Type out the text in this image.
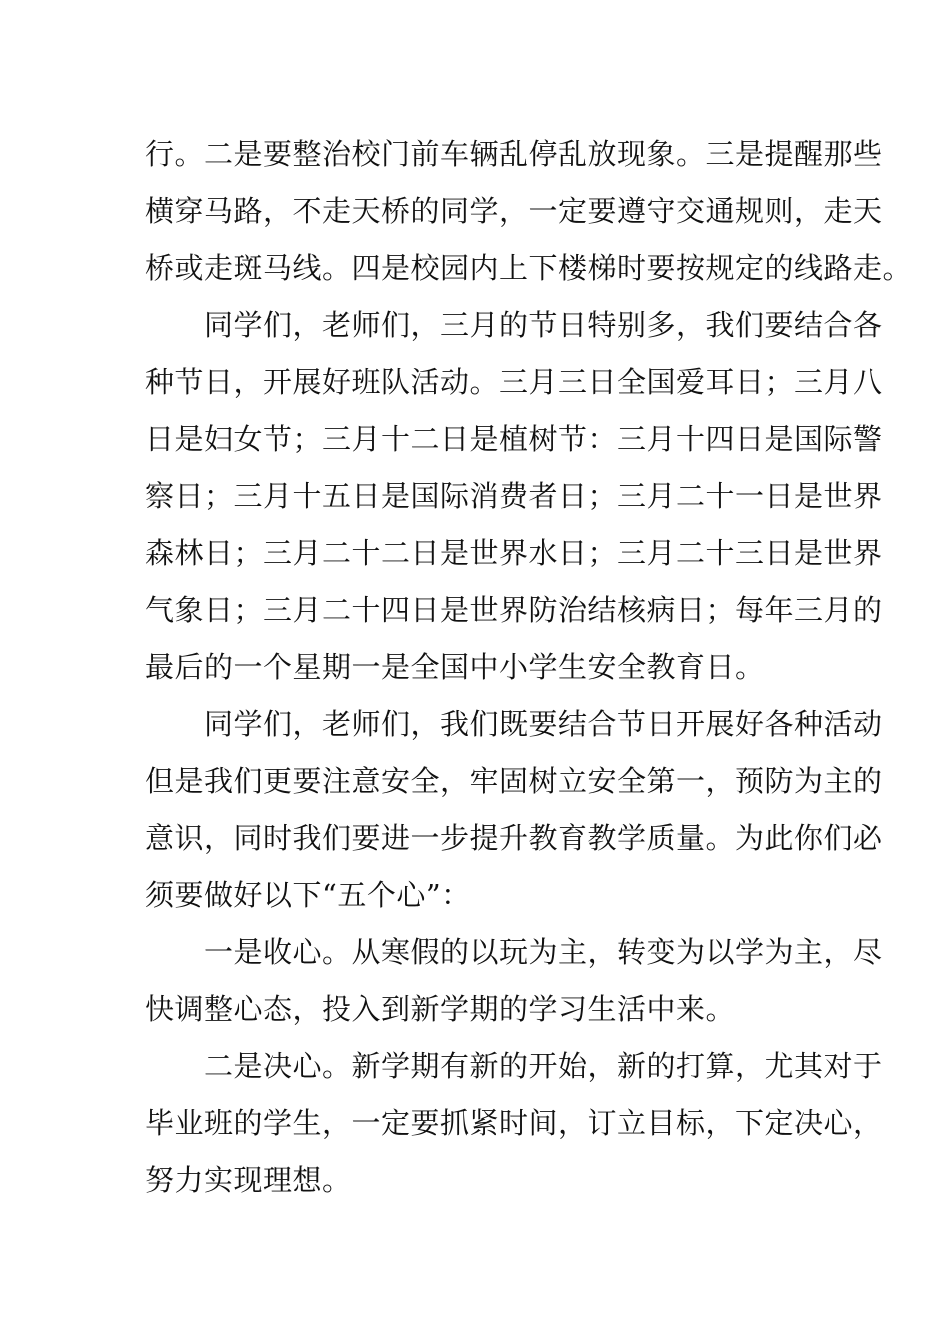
行。二是要整治校门前车辆乱停乱放现象。三是提醒那些
横穿马路，不走天桥的同学，一定要遵守交通规则，走天
桥或走斑马线。四是校园内上下楼梯时要按规定的线路走。
　　同学们，老师们，三月的节日特别多，我们要结合各
种节日，开展好班队活动。三月三日全国爱耳日；三月八
日是妇女节；三月十二日是植树节：三月十四日是国际警
察日；三月十五日是国际消费者日；三月二十一日是世界
森林日；三月二十二日是世界水日；三月二十三日是世界
气象日；三月二十四日是世界防治结核病日；每年三月的
最后的一个星期一是全国中小学生安全教育日。
　　同学们，老师们，我们既要结合节日开展好各种活动
但是我们更要注意安全，牢固树立安全第一，预防为主的
意识，同时我们要进一步提升教育教学质量。为此你们必
须要做好以下“五个心”：
　　一是收心。从寒假的以玩为主，转变为以学为主，尽
快调整心态，投入到新学期的学习生活中来。
　　二是决心。新学期有新的开始，新的打算，尤其对于
毕业班的学生，一定要抓紧时间，订立目标，下定决心，
努力实现理想。
